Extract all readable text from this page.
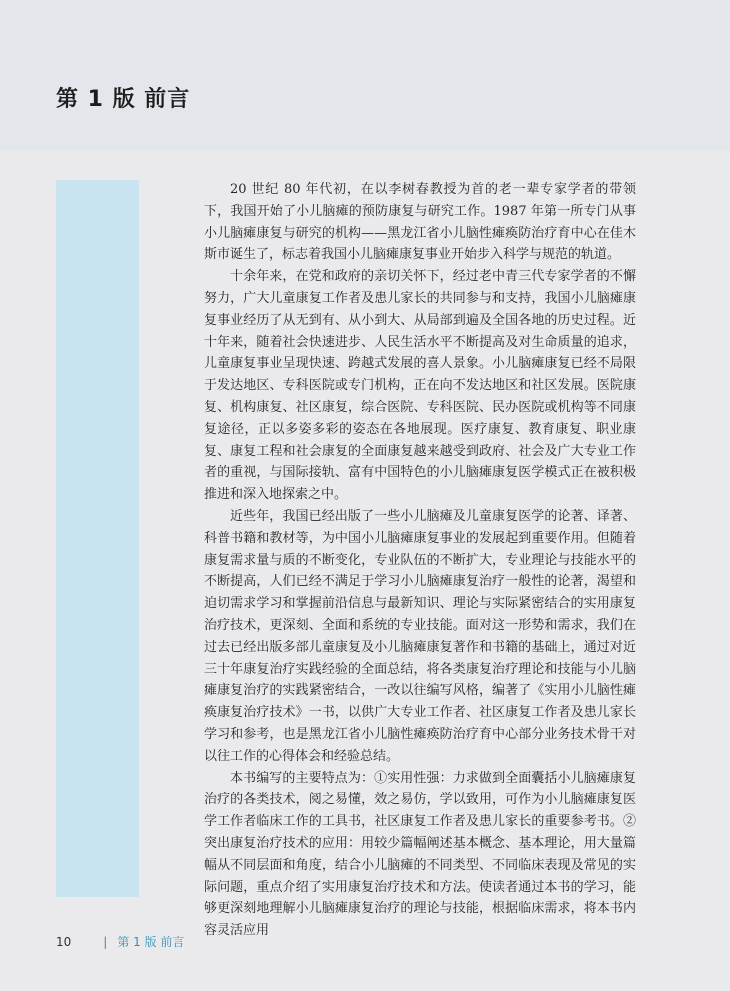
第 1 版 前言

20 世纪 80 年代初，在以李树春教授为首的老一辈专家学者的带领下，我国开始了小儿脑瘫的预防康复与研究工作。1987 年第一所专门从事小儿脑瘫康复与研究的机构——黑龙江省小儿脑性瘫痪防治疗育中心在佳木斯市诞生了，标志着我国小儿脑瘫康复事业开始步入科学与规范的轨道。

十余年来，在党和政府的亲切关怀下，经过老中青三代专家学者的不懈努力，广大儿童康复工作者及患儿家长的共同参与和支持，我国小儿脑瘫康复事业经历了从无到有、从小到大、从局部到遍及全国各地的历史过程。近十年来，随着社会快速进步、人民生活水平不断提高及对生命质量的追求，儿童康复事业呈现快速、跨越式发展的喜人景象。小儿脑瘫康复已经不局限于发达地区、专科医院或专门机构，正在向不发达地区和社区发展。医院康复、机构康复、社区康复，综合医院、专科医院、民办医院或机构等不同康复途径，正以多姿多彩的姿态在各地展现。医疗康复、教育康复、职业康复、康复工程和社会康复的全面康复越来越受到政府、社会及广大专业工作者的重视，与国际接轨、富有中国特色的小儿脑瘫康复医学模式正在被积极推进和深入地探索之中。

近些年，我国已经出版了一些小儿脑瘫及儿童康复医学的论著、译著、科普书籍和教材等，为中国小儿脑瘫康复事业的发展起到重要作用。但随着康复需求量与质的不断变化，专业队伍的不断扩大，专业理论与技能水平的不断提高，人们已经不满足于学习小儿脑瘫康复治疗一般性的论著，渴望和迫切需求学习和掌握前沿信息与最新知识、理论与实际紧密结合的实用康复治疗技术，更深刻、全面和系统的专业技能。面对这一形势和需求，我们在过去已经出版多部儿童康复及小儿脑瘫康复著作和书籍的基础上，通过对近三十年康复治疗实践经验的全面总结，将各类康复治疗理论和技能与小儿脑瘫康复治疗的实践紧密结合，一改以往编写风格，编著了《实用小儿脑性瘫痪康复治疗技术》一书，以供广大专业工作者、社区康复工作者及患儿家长学习和参考，也是黑龙江省小儿脑性瘫痪防治疗育中心部分业务技术骨干对以往工作的心得体会和经验总结。

本书编写的主要特点为：①实用性强：力求做到全面囊括小儿脑瘫康复治疗的各类技术，阅之易懂，效之易仿，学以致用，可作为小儿脑瘫康复医学工作者临床工作的工具书，社区康复工作者及患儿家长的重要参考书。②突出康复治疗技术的应用：用较少篇幅阐述基本概念、基本理论，用大量篇幅从不同层面和角度，结合小儿脑瘫的不同类型、不同临床表现及常见的实际问题，重点介绍了实用康复治疗技术和方法。使读者通过本书的学习，能够更深刻地理解小儿脑瘫康复治疗的理论与技能，根据临床需求，将本书内容灵活应用

10	| 第 1 版 前言
